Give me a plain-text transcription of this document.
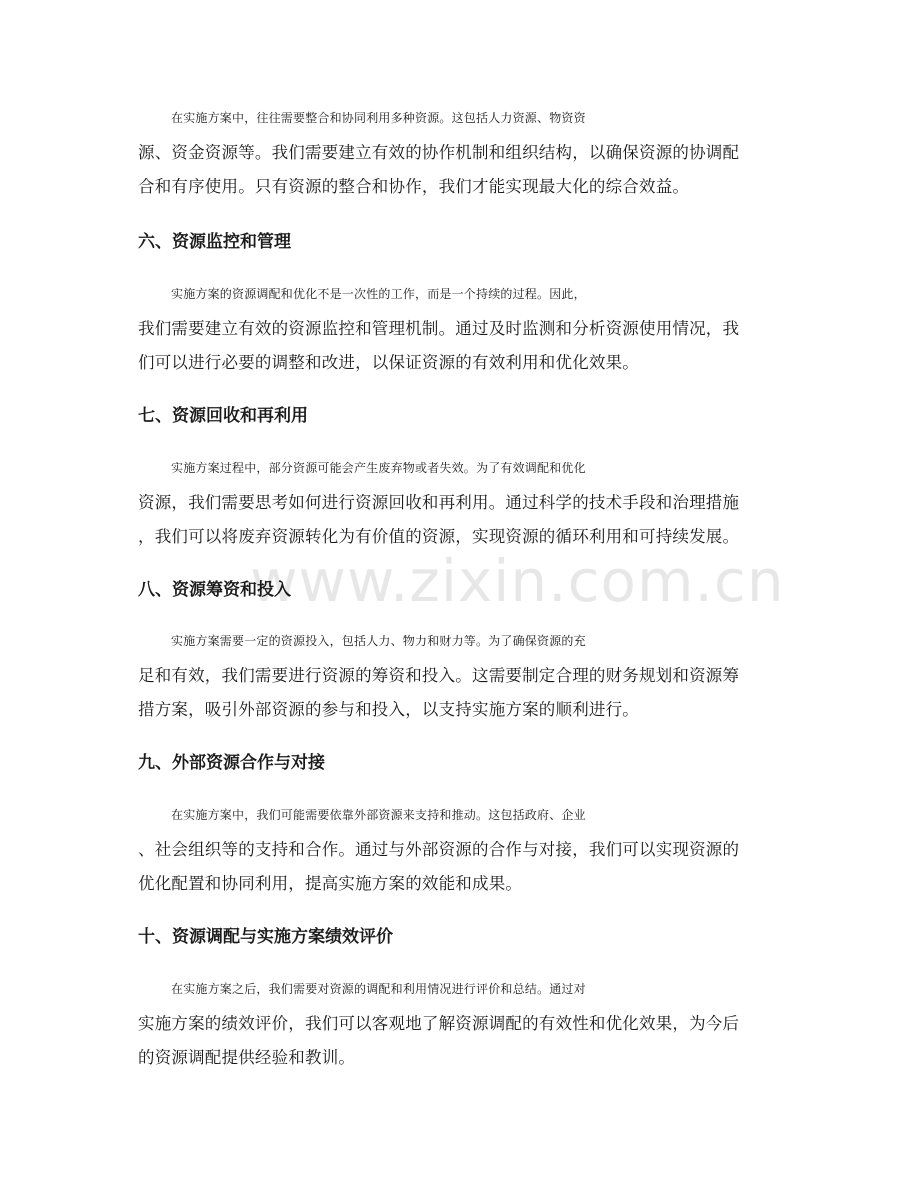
在实施方案中，往往需要整合和协同利用多种资源。这包括人力资源、物资资
源、资金资源等。我们需要建立有效的协作机制和组织结构，以确保资源的协调配
合和有序使用。只有资源的整合和协作，我们才能实现最大化的综合效益。

六、资源监控和管理

实施方案的资源调配和优化不是一次性的工作，而是一个持续的过程。因此，
我们需要建立有效的资源监控和管理机制。通过及时监测和分析资源使用情况，我
们可以进行必要的调整和改进，以保证资源的有效利用和优化效果。

七、资源回收和再利用

实施方案过程中，部分资源可能会产生废弃物或者失效。为了有效调配和优化
资源，我们需要思考如何进行资源回收和再利用。通过科学的技术手段和治理措施
，我们可以将废弃资源转化为有价值的资源，实现资源的循环利用和可持续发展。

八、资源筹资和投入

实施方案需要一定的资源投入，包括人力、物力和财力等。为了确保资源的充
足和有效，我们需要进行资源的筹资和投入。这需要制定合理的财务规划和资源筹
措方案，吸引外部资源的参与和投入，以支持实施方案的顺利进行。

九、外部资源合作与对接

在实施方案中，我们可能需要依靠外部资源来支持和推动。这包括政府、企业
、社会组织等的支持和合作。通过与外部资源的合作与对接，我们可以实现资源的
优化配置和协同利用，提高实施方案的效能和成果。

十、资源调配与实施方案绩效评价

在实施方案之后，我们需要对资源的调配和利用情况进行评价和总结。通过对
实施方案的绩效评价，我们可以客观地了解资源调配的有效性和优化效果，为今后
的资源调配提供经验和教训。

www.zixin.com.cn
